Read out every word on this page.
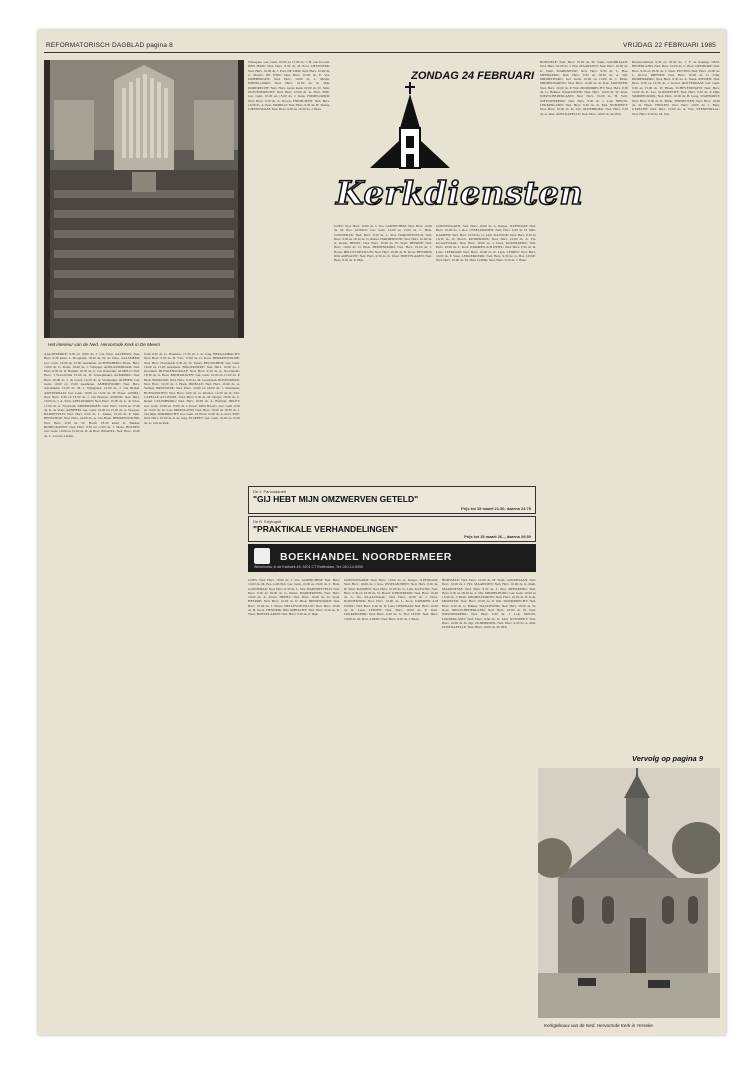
REFORMATORISCH DAGBLAD pagina 8	VRIJDAG 22 FEBRUARI 1985
Het interieur van de Ned. Hervormde Kerk in De Meern

AAGTEKERKE: 9.30 en 19.00 ds. J. van Vliet. AALBURG: Ned. Herv. 9.30 kand. L. Hoogland, 18.30 ds. W. de Vries. AALSMEER: Ger. Gem. 10.00 en 15.00 leesdienst. ACHTERBERG: Herst. Herv. 10.00 ds. G. Kater, 18.00 ds. J. Schipper. ALBLASSERDAM: Ned. Herv. 9.30 ds. D. Bunnik, 18.30 ds. G. van Oosterum. ALMELO: Ned. Herv. 't Noordbrink 10.00 ds. D. Scheepmaker. ALMKERK: Ned. Herv. 10.00 ds. J. de Graaf, 14.30 ds. A. Vermeulen. ALPHEN: Ger. Gem. 10.00 en 15.00 leesdienst. AMERSFOORT: Ned. Herv. Adventkerk 10.00 ds. M. J. Wijngaard, 19.00 ds. J. van Brakel. AMSTERDAM: Ger. Gem. 10.00 en 15.00 ds. H. Visser. ANDEL: Ned. Herv. 9.30 en 18.30 ds. J. van Hoeven. ANDIJK: Ned. Herv. 10.00 ds. J. A. Smit. APELDOORN: Ned. Herv. 10.00 ds. G. de Vries, 17.00 ds. A. Noordam. ARNEMUIDEN: Ned. Herv. 10.00 en 17.00 ds. K. de Vries. ARNHEM: Ger. Gem. 10.00 en 15.00 ds. A. Stoopen. BARNEVELD: Ned. Herv. 9.00 ds. L. Jonker, 19.00 ds. P. Smit. BENSCHOP: Ned. Herv. 10.00 ds. A. van Beek. BERKENWOUDE: Ned. Herv. 9.30 ds. W. Hooft, 18.30 kand. K. Bakker. BODEGRAVEN: Ned. Herv. 9.30 en 17.00 ds. J. Maas. BOLNES: Ger. Gem. 10.00 en 15.00 ds. R. de Boer. BRAKEL: Ned. Herv. 10.00 ds. C. van der Linden.

form 9.30 ds. G. Hoekstra, 17.30 ds. J. de Jong. BERGAMBACHT: Ned. Herv. 9.30 ds. H. Vlot, 17.00 ds. D. Roos. BERKENWOUDE: Ned. Herv. Hoofdkerk 9.30 ds. W. Visser. BEUSICHEM: Ger. Gem. 10.00 en 15.00 leesdienst. BIGGEKERKE: Ned. Herv. 10.00 ds. J. Kooiman. BLESKENSGRAAF: Ned. Herv. 9.30 ds. A. Noorlander, 18.30 ds. G. Boer. BODEGRAVEN: Ger. Gem. 10.00 en 15.00 ds. P. Blok. BOSKOOP: Ned. Herv. 9.30 ds. M. Goudriaan. BOVENKERK: Ned. Herv. 10.00 ds. J. Hoek. BRIELLE: Ned. Herv. 10.00 ds. A. Verheij. BRUINISSE: Ned. Herv. 10.00 en 18.00 ds. J. Steenbeek. BUNSCHOTEN: Ned. Herv. 9.00 ds. G. Kieviet, 14.30 ds. R. Slot. CAPELLE A/D IJSSEL: Ned. Herv. 9.30 ds. M. Meijer, 18.30 ds. C. Rebel. CULEMBORG: Ned. Herv. 10.00 ds. A. Hofman. DELFT: Ger. Gem. 10.00 en 15.00 ds. J. Roest. DEN HAAG: Ger. Gem. 9.30 en 15.00 ds. W. Lok. DIRKSLAND: Ned. Herv. 10.00 en 18.30 ds. J. van Dijk. DORDRECHT: Ger. Gem. 10.00 en 15.00 ds. A. Kort. EDE: Ned. Herv. 10.00 ds. P. de Jong. ELSPEET: Ger. Gem. 10.00 en 15.00 ds. G. van de Ruit.

Scheepjes, Ger. Gem. 10.00 en 17.00 ds. J. H. van Kooten. DEN HAM: Ned. Herv. 9.30 ds. H. Poot. DEVENTER: Ned. Herv. 10.00 ds. J. Post. DE LIER: Ned. Herv. 10.00 ds. C. Pieters. DE WIJK: Ned. Herv. 10.00 ds. E. Vos. DRIEBERGEN: Ned. Herv. 10.00 ds. L. Meijer. DINTELOORD: Ned. Herv. 10.00 ds. R. Hak. DORDRECHT: Ned. Herv. Grote Kerk 10.00 ds. W. Smit. DUIVENDRECHT: Ned. Herv. 10.00 ds. K. Boot. EDE: Ger. Gem. 10.00 en 15.00 ds. J. Kant. EMMELOORD: Ned. Herv. 9.30 ds. A. Doorn. ENKHUIZEN: Ned. Herv. 10.00 ds. A. Post. ERMELO: Ned. Herv. 9.30 ds. H. Teunis. GIESSENDAM: Ned. Herv. 9.30 en 18.30 ds. J. Boer.

ZONDAG 24 FEBRUARI
Kerkdiensten

GOES: Ned. Herv. 10.00 ds. J. Vos. GORINCHEM: Ned. Herv. 10.00 ds. M. Bos. GOUDA: Ger. Gem. 10.00 en 15.00 ds. C. Huis. GOUDERAK: Ned. Herv. 9.30 ds. L. Slot. HARDINXVELD: Ned. Herv. 9.30 en 18.30 ds. G. Ruiter. HARDERWIJK: Ned. Herv. 10.00 ds. A. Kraan. HEDEL: Ned. Herv. 10.00 ds. W. Staal. HEERDE: Ned. Herv. 10.00 ds. D. Blok. HEINENOORD: Ned. Herv. 10.00 ds. J. Bouw. HELLEVOETSLUIS: Ned. Herv. 10.00 ds. B. Roos. HENDRIK IDO AMBACHT: Ned. Herv. 9.30 ds. K. Weel. HOEVELAKEN: Ned. Herv. 9.30 ds. P. Dijk.

GOUDSWAARD: Ned. Herv. 10.00 ds. A. Kuiper. ILPENDAM: Ned. Herv. 10.00 ds. J. Ros. IJSSELMUIDEN: Ned. Herv. 9.30 ds. H. Smit. KAMPEN: Ned. Herv. 10.00 ds. G. Lam. KATWIJK: Ned. Herv. 9.30 en 18.30 ds. W. Bosch. KINDERDIJK: Ned. Herv. 10.00 ds. A. Vis. KLAASWAAL: Ned. Herv. 10.00 ds. J. Does. KOUDEKERK: Ned. Herv. 10.00 ds. L. Kooi. KRIMPEN A/D IJSSEL: Ned. Herv. 9.30 ds. D. Lens. LEERDAM: Ned. Herv. 10.00 ds. R. Leen. LEIDEN: Ned. Herv. 10.00 ds. P. Veen. LEKKERKERK: Ned. Herv. 9.30 ds. G. Hof. LISSE: Ned. Herv. 10.00 ds. M. Hart. LOPIK: Ned. Herv. 9.30 ds. J. Baan.

De J. Panoudaneh
"GIJ HEBT MIJN OMZWERVEN GETELD"
Prijs tot 15 maart 21.50, daarna 24.75
De B. Ertytogolt
"PRAKTIKALE VERHANDELINGEN"
Prijs tot 15 maart 26.-, daarna 29.50
BOEKHANDEL NOORDERMEER
Wilhelmina, in de Kathoek 45, 3201 CT Rotterdam, Tel. 010-14-5050

GOES: Ned. Herv. 10.00 ds. J. Vos. GORINCHEM: Ned. Herv. 10.00 ds. M. Bos. GOUDA: Ger. Gem. 10.00 en 15.00 ds. C. Huis. GOUDERAK: Ned. Herv. 9.30 ds. L. Slot. HARDINXVELD: Ned. Herv. 9.30 en 18.30 ds. G. Ruiter. HARDERWIJK: Ned. Herv. 10.00 ds. A. Kraan. HEDEL: Ned. Herv. 10.00 ds. W. Staal. HEERDE: Ned. Herv. 10.00 ds. D. Blok. HEINENOORD: Ned. Herv. 10.00 ds. J. Bouw. HELLEVOETSLUIS: Ned. Herv. 10.00 ds. B. Roos. HENDRIK IDO AMBACHT: Ned. Herv. 9.30 ds. K. Weel. HOEVELAKEN: Ned. Herv. 9.30 ds. P. Dijk.

GOUDSWAARD: Ned. Herv. 10.00 ds. A. Kuiper. ILPENDAM: Ned. Herv. 10.00 ds. J. Ros. IJSSELMUIDEN: Ned. Herv. 9.30 ds. H. Smit. KAMPEN: Ned. Herv. 10.00 ds. G. Lam. KATWIJK: Ned. Herv. 9.30 en 18.30 ds. W. Bosch. KINDERDIJK: Ned. Herv. 10.00 ds. A. Vis. KLAASWAAL: Ned. Herv. 10.00 ds. J. Does. KOUDEKERK: Ned. Herv. 10.00 ds. L. Kooi. KRIMPEN A/D IJSSEL: Ned. Herv. 9.30 ds. D. Lens. LEERDAM: Ned. Herv. 10.00 ds. R. Leen. LEIDEN: Ned. Herv. 10.00 ds. P. Veen. LEKKERKERK: Ned. Herv. 9.30 ds. G. Hof. LISSE: Ned. Herv. 10.00 ds. M. Hart. LOPIK: Ned. Herv. 9.30 ds. J. Baan.

BORSSELE: Ned. Herv. 10.00 ds. M. Stam. GOUDRIAAN: Ned. Herv. 10.00 ds. J. Hol. MAARSSEN: Ned. Herv. 10.00 ds. K. Dam. MARKNESSE: Ned. Herv. 9.30 ds. L. Bos. MEERKERK: Ned. Herv. 9.30 en 18.30 ds. A. Wit. MIDDELBURG: Ger. Gem. 10.00 en 15.00 ds. J. Blom. MIDDELHARNIS: Ned. Herv. 10.00 ds. R. Kok. MONSTER: Ned. Herv. 10.00 ds. P. Wal. MOORDRECHT: Ned. Herv. 9.30 ds. G. Bakker. NAALDWIJK: Ned. Herv. 10.00 ds. W. Roel. NIEUW-BEIJERLAND: Ned. Herv. 10.00 ds. H. Veld. NIEUWERKERK: Ned. Herv. 9.30 ds. J. Lok. NIEUW-LEKKERLAND: Ned. Herv. 9.30 ds. K. Mol. NUNSPEET: Ned. Herv. 10.00 ds. D. Zijl. OLDEBROEK: Ned. Herv. 9.30 ds. A. Riet. OOSTKAPELLE: Ned. Herv. 10.00 ds. M. Bril.

BORSSELE: Ned. Herv. 10.00 ds. M. Stam. GOUDRIAAN: Ned. Herv. 10.00 ds. J. Hol. MAARSSEN: Ned. Herv. 10.00 ds. K. Dam. MARKNESSE: Ned. Herv. 9.30 ds. L. Bos. MEERKERK: Ned. Herv. 9.30 en 18.30 ds. A. Wit. MIDDELBURG: Ger. Gem. 10.00 en 15.00 ds. J. Blom. MIDDELHARNIS: Ned. Herv. 10.00 ds. R. Kok. MONSTER: Ned. Herv. 10.00 ds. P. Wal. MOORDRECHT: Ned. Herv. 9.30 ds. G. Bakker. NAALDWIJK: Ned. Herv. 10.00 ds. W. Roel. NIEUW-BEIJERLAND: Ned. Herv. 10.00 ds. H. Veld. NIEUWERKERK: Ned. Herv. 9.30 ds. J. Lok. NIEUW-LEKKERLAND: Ned. Herv. 9.30 ds. K. Mol. NUNSPEET: Ned. Herv. 10.00 ds. D. Zijl. OLDEBROEK: Ned. Herv. 9.30 ds. A. Riet. OOSTKAPELLE: Ned. Herv. 10.00 ds. M. Bril.

Brouwershaven 9.30 en 18.30 ds. J. F. de Koning. OUD-BEIJERLAND: Ned. Herv. 10.00 ds. C. Boer. OUDDORP: Ned. Herv. 9.30 en 18.30 ds. J. Sluis. PUTTEN: Ned. Herv. 10.00 ds. L. Kroon. RHENEN: Ned. Herv. 10.00 ds. G. Vink. RIDDERKERK: Ned. Herv. 9.30 ds. A. Steen. RIJSSEN: Ned. Herv. 9.30 en 14.30 ds. J. Grond. ROTTERDAM: Ger. Gem. 9.30 en 15.00 ds. W. Blaak. SCHEVENINGEN: Ned. Herv. 10.00 ds. K. Zee. SLIEDRECHT: Ned. Herv. 9.30 ds. P. Dijk. SOMMELSDIJK: Ned. Herv. 10.00 ds. H. Gaag. STAPHORST: Ned. Herv. 9.30 ds. R. Brink. TERNEUZEN: Ned. Herv. 10.00 ds. D. Haan. THOLEN: Ned. Herv. 10.00 ds. J. Berg. UTRECHT: Ned. Herv. 10.00 ds. A. Wal. VEENENDAAL: Ned. Herv. 9.30 ds. M. Slot.

Vervolg op pagina 9
Kerkgebouw van de Ned. Hervormde Kerk in Yerseke
